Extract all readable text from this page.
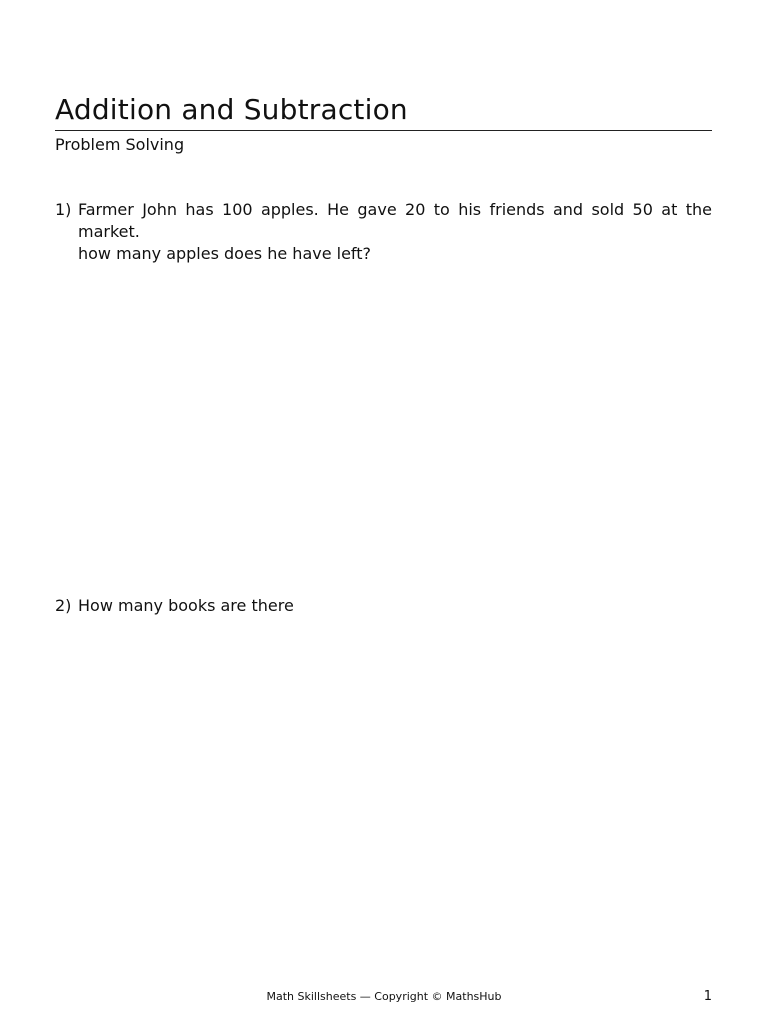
Addition and Subtraction

Problem Solving

1) Farmer John has 100 apples. He gave 20 to his friends and sold 50 at the market.
how many apples does he have left?
2) How many books are there
Math Skillsheets — Copyright © MathsHub	1
